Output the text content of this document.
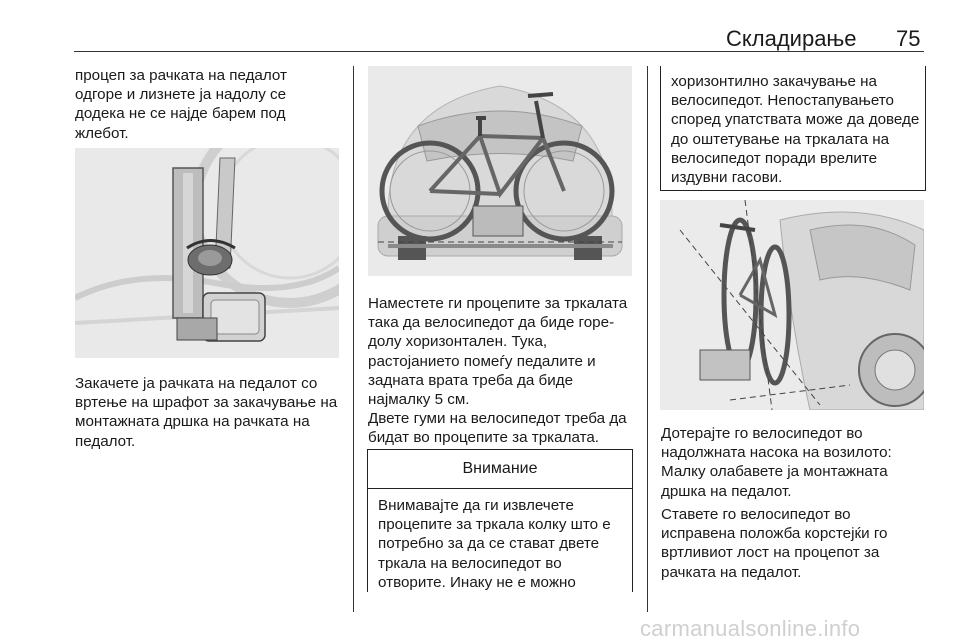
Складирање 75

процеп за рачката на педалот одгоре и лизнете ја надолу се додека не се најде барем под жлебот.

Закачете ја рачката на педалот со вртење на шрафот за закачување на монтажната дршка на рачката на педалот.

Наместете ги процепите за тркалата така да велосипедот да биде горе-долу хоризонтален. Тука, растојанието помеѓу педалите и задната врата треба да биде најмалку 5 cм.

Двете гуми на велосипедот треба да бидат во процепите за тркалата.

Внимание
Внимавајте да ги извлечете процепите за тркала колку што е потребно за да се стават двете тркала на велосипедот во отворите. Инаку не е можно
хоризонтилно закачување на велосипедот. Непостапувањето според упатствата може да доведе до оштетување на тркалата на велосипедот поради врелите издувни гасови.

Дотерајте го велосипедот во надолжната насока на возилото: Малку олабавете ја монтажната дршка на педалот.

Ставете го велосипедот во исправена положба корстејќи го вртливиот лост на процепот за рачката на педалот.

carmanualsonline.info
